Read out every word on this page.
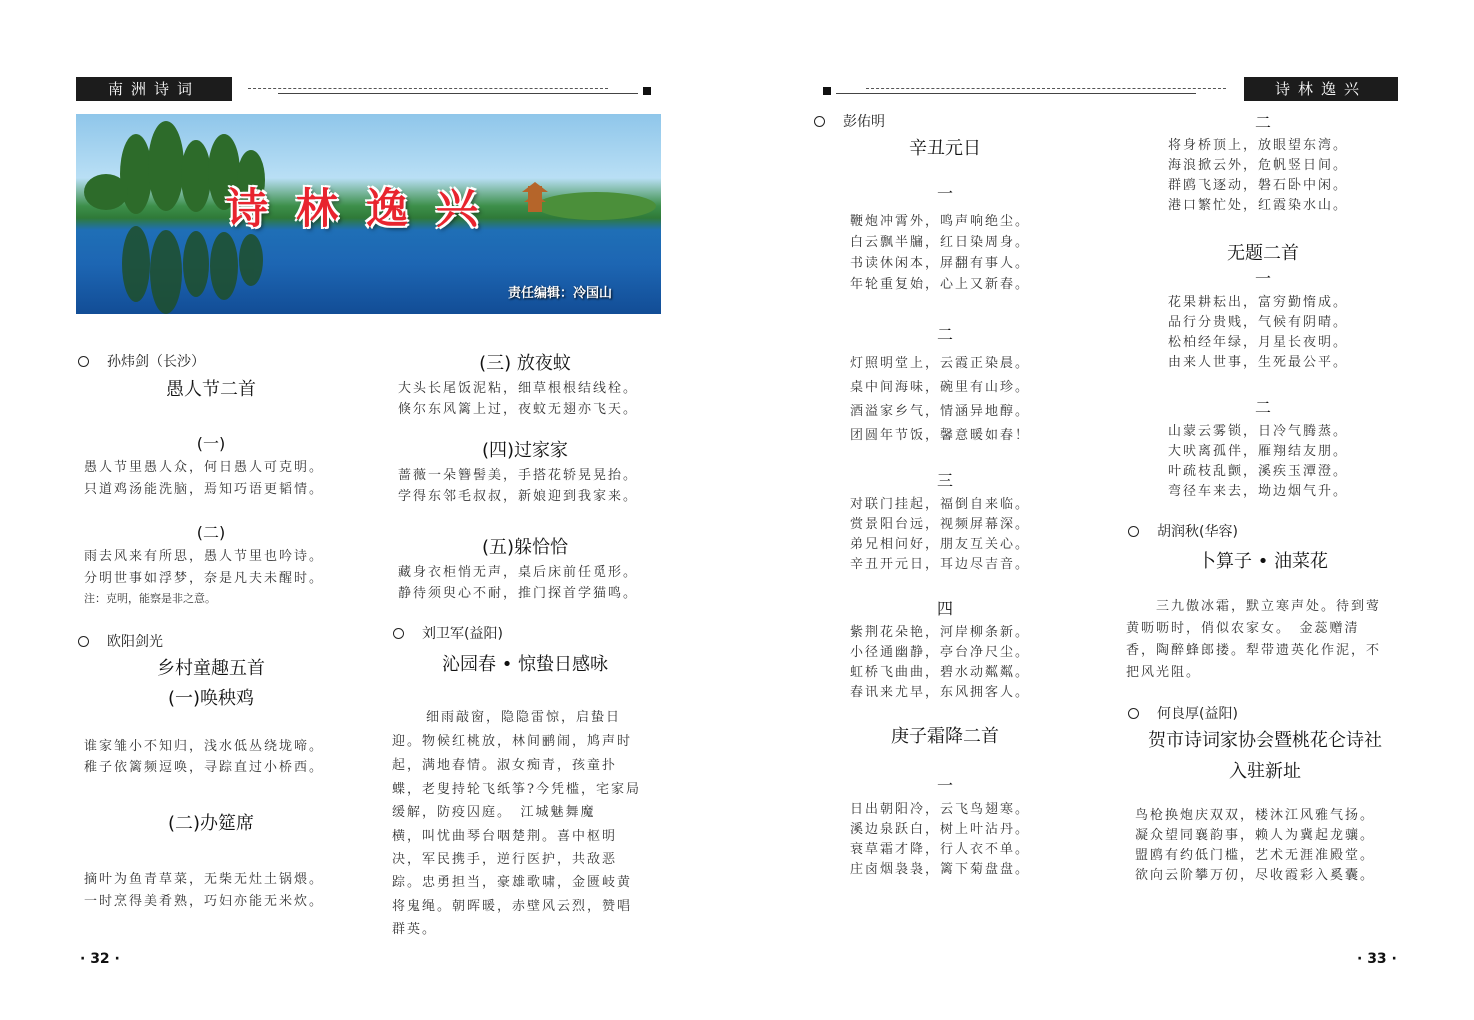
南洲诗词
诗林逸兴
责任编辑：冷国山
孙炜剑（长沙）
愚人节二首
(一)
愚人节里愚人众，何日愚人可克明。
只道鸡汤能洗脑，焉知巧语更韬情。
(二)
雨去风来有所思，愚人节里也吟诗。
分明世事如浮梦，奈是凡夫未醒时。
注：克明，能察是非之意。
欧阳剑光
乡村童趣五首
(一)唤秧鸡
谁家雏小不知归，浅水低丛绕垅啼。
稚子依篱频逗唤，寻踪直过小桥西。
(二)办筵席
摘叶为鱼青草菜，无柴无灶土锅煨。
一时烹得美肴熟，巧妇亦能无米炊。
(三) 放夜蚊
大头长尾饭泥粘，细草根根结线栓。
倏尔东风篱上过，夜蚊无翅亦飞天。
(四)过家家
蔷薇一朵簪髻美，手搭花轿晃晃抬。
学得东邻毛叔叔，新娘迎到我家来。
(五)躲恰恰
藏身衣柜悄无声，桌后床前任觅形。
静待须臾心不耐，推门探首学猫鸣。
刘卫军(益阳)
沁园春 • 惊蛰日感咏
细雨敲窗，隐隐雷惊，启蛰日
迎。物候红桃放，林间鹂闹，鸠声时
起，满地春情。淑女痴青，孩童扑
蝶，老叟持轮飞纸筝?今凭槛，宅家局
缓解，防疫囚庭。　江城魅舞魔
横，叫忧曲琴台咽楚荆。喜中枢明
决，军民携手，逆行医护，共敌恶
踪。忠勇担当，豪雄歌啸，金匮岐黄
将鬼绳。朝晖暖，赤壁风云烈，赞唱
群英。
· 32 ·
诗林逸兴
彭佑明
辛丑元日
一
鞭炮冲霄外，鸣声响绝尘。
白云飘半牖，红日染周身。
书读休闲本，屏翻有事人。
年轮重复始，心上又新春。
二
灯照明堂上，云霞正染晨。
桌中间海味，碗里有山珍。
酒溢家乡气，情涵异地醇。
团圆年节饭，馨意暖如春！
三
对联门挂起，福倒自来临。
赏景阳台远，视频屏幕深。
弟兄相问好，朋友互关心。
辛丑开元日，耳边尽吉音。
四
紫荆花朵艳，河岸柳条新。
小径通幽静，亭台净尺尘。
虹桥飞曲曲，碧水动粼粼。
春讯来尤早，东风拥客人。
庚子霜降二首
一
日出朝阳冷，云飞鸟翅寒。
溪边泉跃白，树上叶沾丹。
衰草霜才降，行人衣不单。
庄卤烟袅袅，篱下菊盘盘。
二
将身桥顶上，放眼望东湾。
海浪掀云外，危帆竖日间。
群鸥飞逐动，磐石卧中闲。
港口繁忙处，红霞染水山。
无题二首
一
花果耕耘出，富穷勤惰成。
品行分贵贱，气候有阴晴。
松柏经年绿，月星长夜明。
由来人世事，生死最公平。
二
山蒙云雾锁，日冷气腾蒸。
大吠离孤伴，雁翔结友朋。
叶疏枝乱颤，溪疾玉潭澄。
弯径车来去，坳边烟气升。
胡润秋(华容)
卜算子 • 油菜花
三九傲冰霜，默立寒声处。待到莺
黄呖呖时，俏似农家女。　金蕊赠清
香，陶醉蜂郎搂。犁带遗英化作泥，不
把风光阻。
何良厚(益阳)
贺市诗词家协会暨桃花仑诗社
入驻新址
鸟枪换炮庆双双，楼沐江风雅气扬。
凝众望同襄韵事，赖人为冀起龙骧。
盟鸥有约低门槛，艺术无涯准殿堂。
欲向云阶攀万仞，尽收霞彩入奚囊。
· 33 ·
